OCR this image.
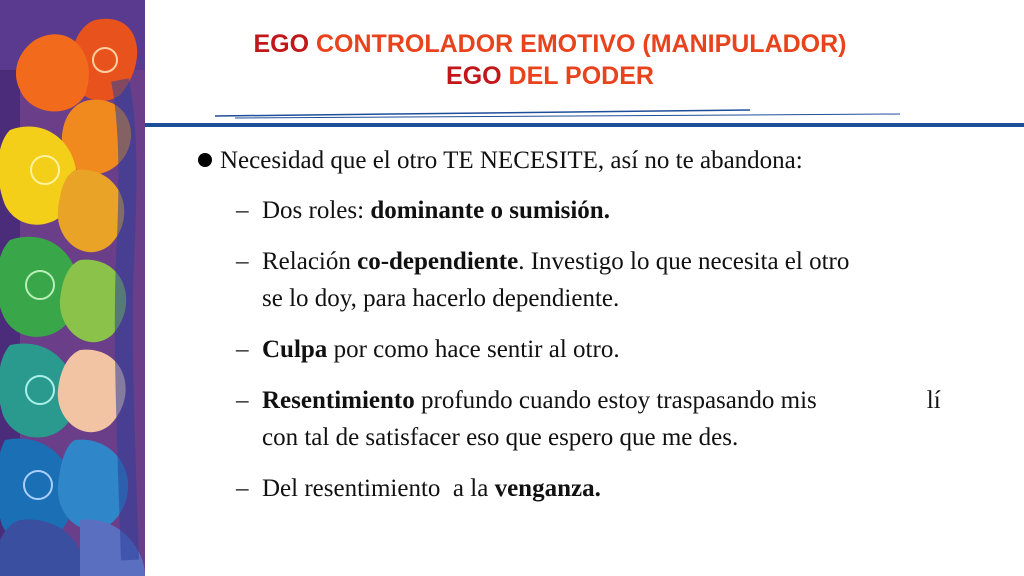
EGO CONTROLADOR EMOTIVO (MANIPULADOR)
EGO DEL PODER
Necesidad que el otro TE NECESITE, así no te abandona:
– Dos roles: dominante o sumisión.
– Relación co-dependiente. Investigo lo que necesita el otro
se lo doy, para hacerlo dependiente.
– Culpa por como hace sentir al otro.
– Resentimiento profundo cuando estoy traspasando mis	lí
con tal de satisfacer eso que espero que me des.
– Del resentimiento  a la venganza.
